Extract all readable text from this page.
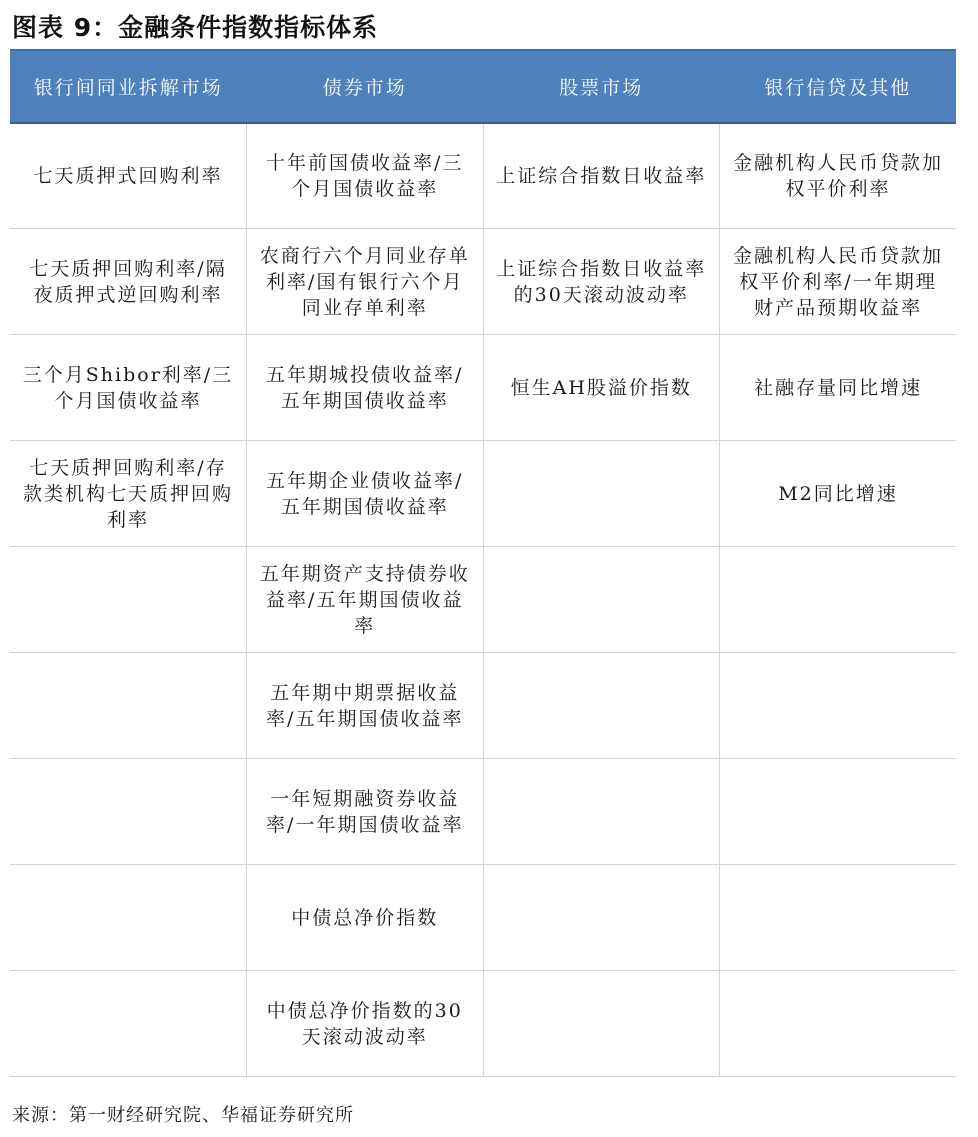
图表 9：金融条件指数指标体系
银行间同业拆解市场	债券市场	股票市场	银行信贷及其他
七天质押式回购利率	十年前国债收益率/三个月国债收益率	上证综合指数日收益率	金融机构人民币贷款加权平价利率
七天质押回购利率/隔夜质押式逆回购利率	农商行六个月同业存单利率/国有银行六个月同业存单利率	上证综合指数日收益率的30天滚动波动率	金融机构人民币贷款加权平价利率/一年期理财产品预期收益率
三个月Shibor利率/三个月国债收益率	五年期城投债收益率/五年期国债收益率	恒生AH股溢价指数	社融存量同比增速
七天质押回购利率/存款类机构七天质押回购利率	五年期企业债收益率/五年期国债收益率		M2同比增速
	五年期资产支持债券收益率/五年期国债收益率		
	五年期中期票据收益率/五年期国债收益率		
	一年短期融资券收益率/一年期国债收益率		
	中债总净价指数		
	中债总净价指数的30天滚动波动率		
来源：第一财经研究院、华福证券研究所
